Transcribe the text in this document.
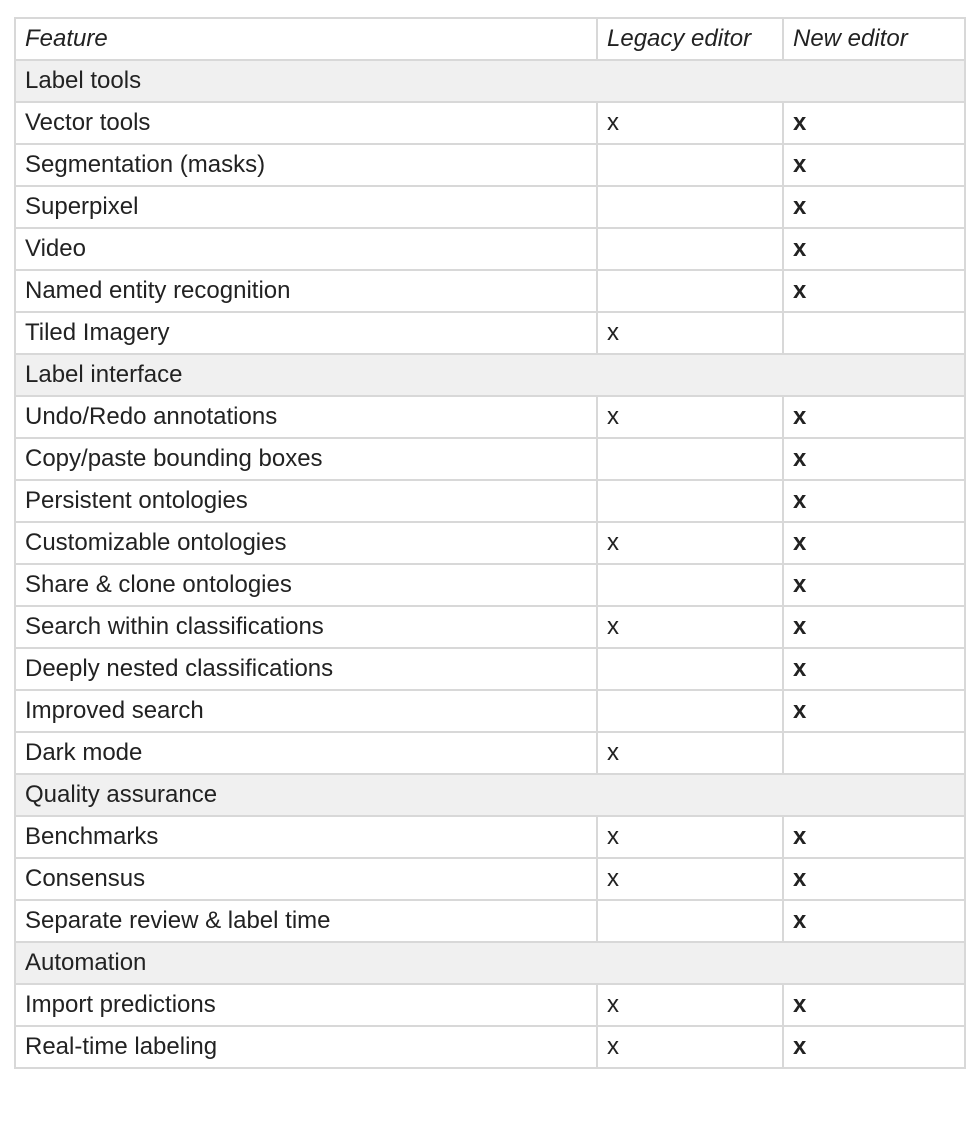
Feature	Legacy editor	New editor
Label tools		
Vector tools	x	x
Segmentation (masks)		x
Superpixel		x
Video		x
Named entity recognition		x
Tiled Imagery	x	
Label interface		
Undo/Redo annotations	x	x
Copy/paste bounding boxes		x
Persistent ontologies		x
Customizable ontologies	x	x
Share & clone ontologies		x
Search within classifications	x	x
Deeply nested classifications		x
Improved search		x
Dark mode	x	
Quality assurance		
Benchmarks	x	x
Consensus	x	x
Separate review & label time		x
Automation		
Import predictions	x	x
Real-time labeling	x	x
